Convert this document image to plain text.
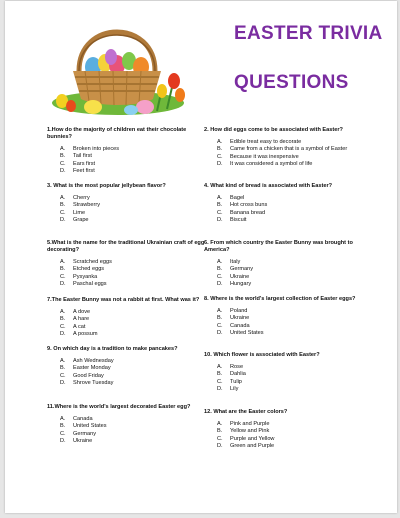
EASTER TRIVIA
QUESTIONS
1.How do the majority of children eat their chocolate bunnies?
A.	Broken into pieces
B.	Tail first
C.	Ears first
D.	Feet first
2. How did eggs come to be associated with Easter?
A.	Edible treat easy to decorate
B.	Came from a chicken that is a symbol of Easter
C.	Because it was inexpensive
D.	It was considered a symbol of life
3. What is the most popular jellybean flavor?
A.	Cherry
B.	Strawberry
C.	Lime
D.	Grape
4. What kind of bread is associated with Easter?
A.	Bagel
B.	Hot cross buns
C.	Banana bread
D.	Biscuit
5.What is the name for the traditional Ukrainian craft of egg decorating?
A.	Scratched eggs
B.	Etched eggs
C.	Pysyanka
D.	Paschal eggs
6. From which country the Easter Bunny was brought to America?
A.	Italy
B.	Germany
C.	Ukraine
D.	Hungary
7.The Easter Bunny was not a rabbit at first. What was it?
A.	A dove
B.	A hare
C.	A cat
D.	A possum
8. Where is the world's largest collection of Easter eggs?
A.	Poland
B.	Ukraine
C.	Canada
D.	United States
9. On which day is a tradition to make pancakes?
A.	Ash Wednesday
B.	Easter Monday
C.	Good Friday
D.	Shrove Tuesday
10. Which flower is associated with Easter?
A.	Rose
B.	Dahlia
C.	Tulip
D.	Lily
11.Where is the world's largest decorated Easter egg?
A.	Canada
B.	United States
C.	Germany
D.	Ukraine
12. What are the Easter colors?
A.	Pink and Purple
B.	Yellow and Pink
C.	Purple and Yellow
D.	Green and Purple
